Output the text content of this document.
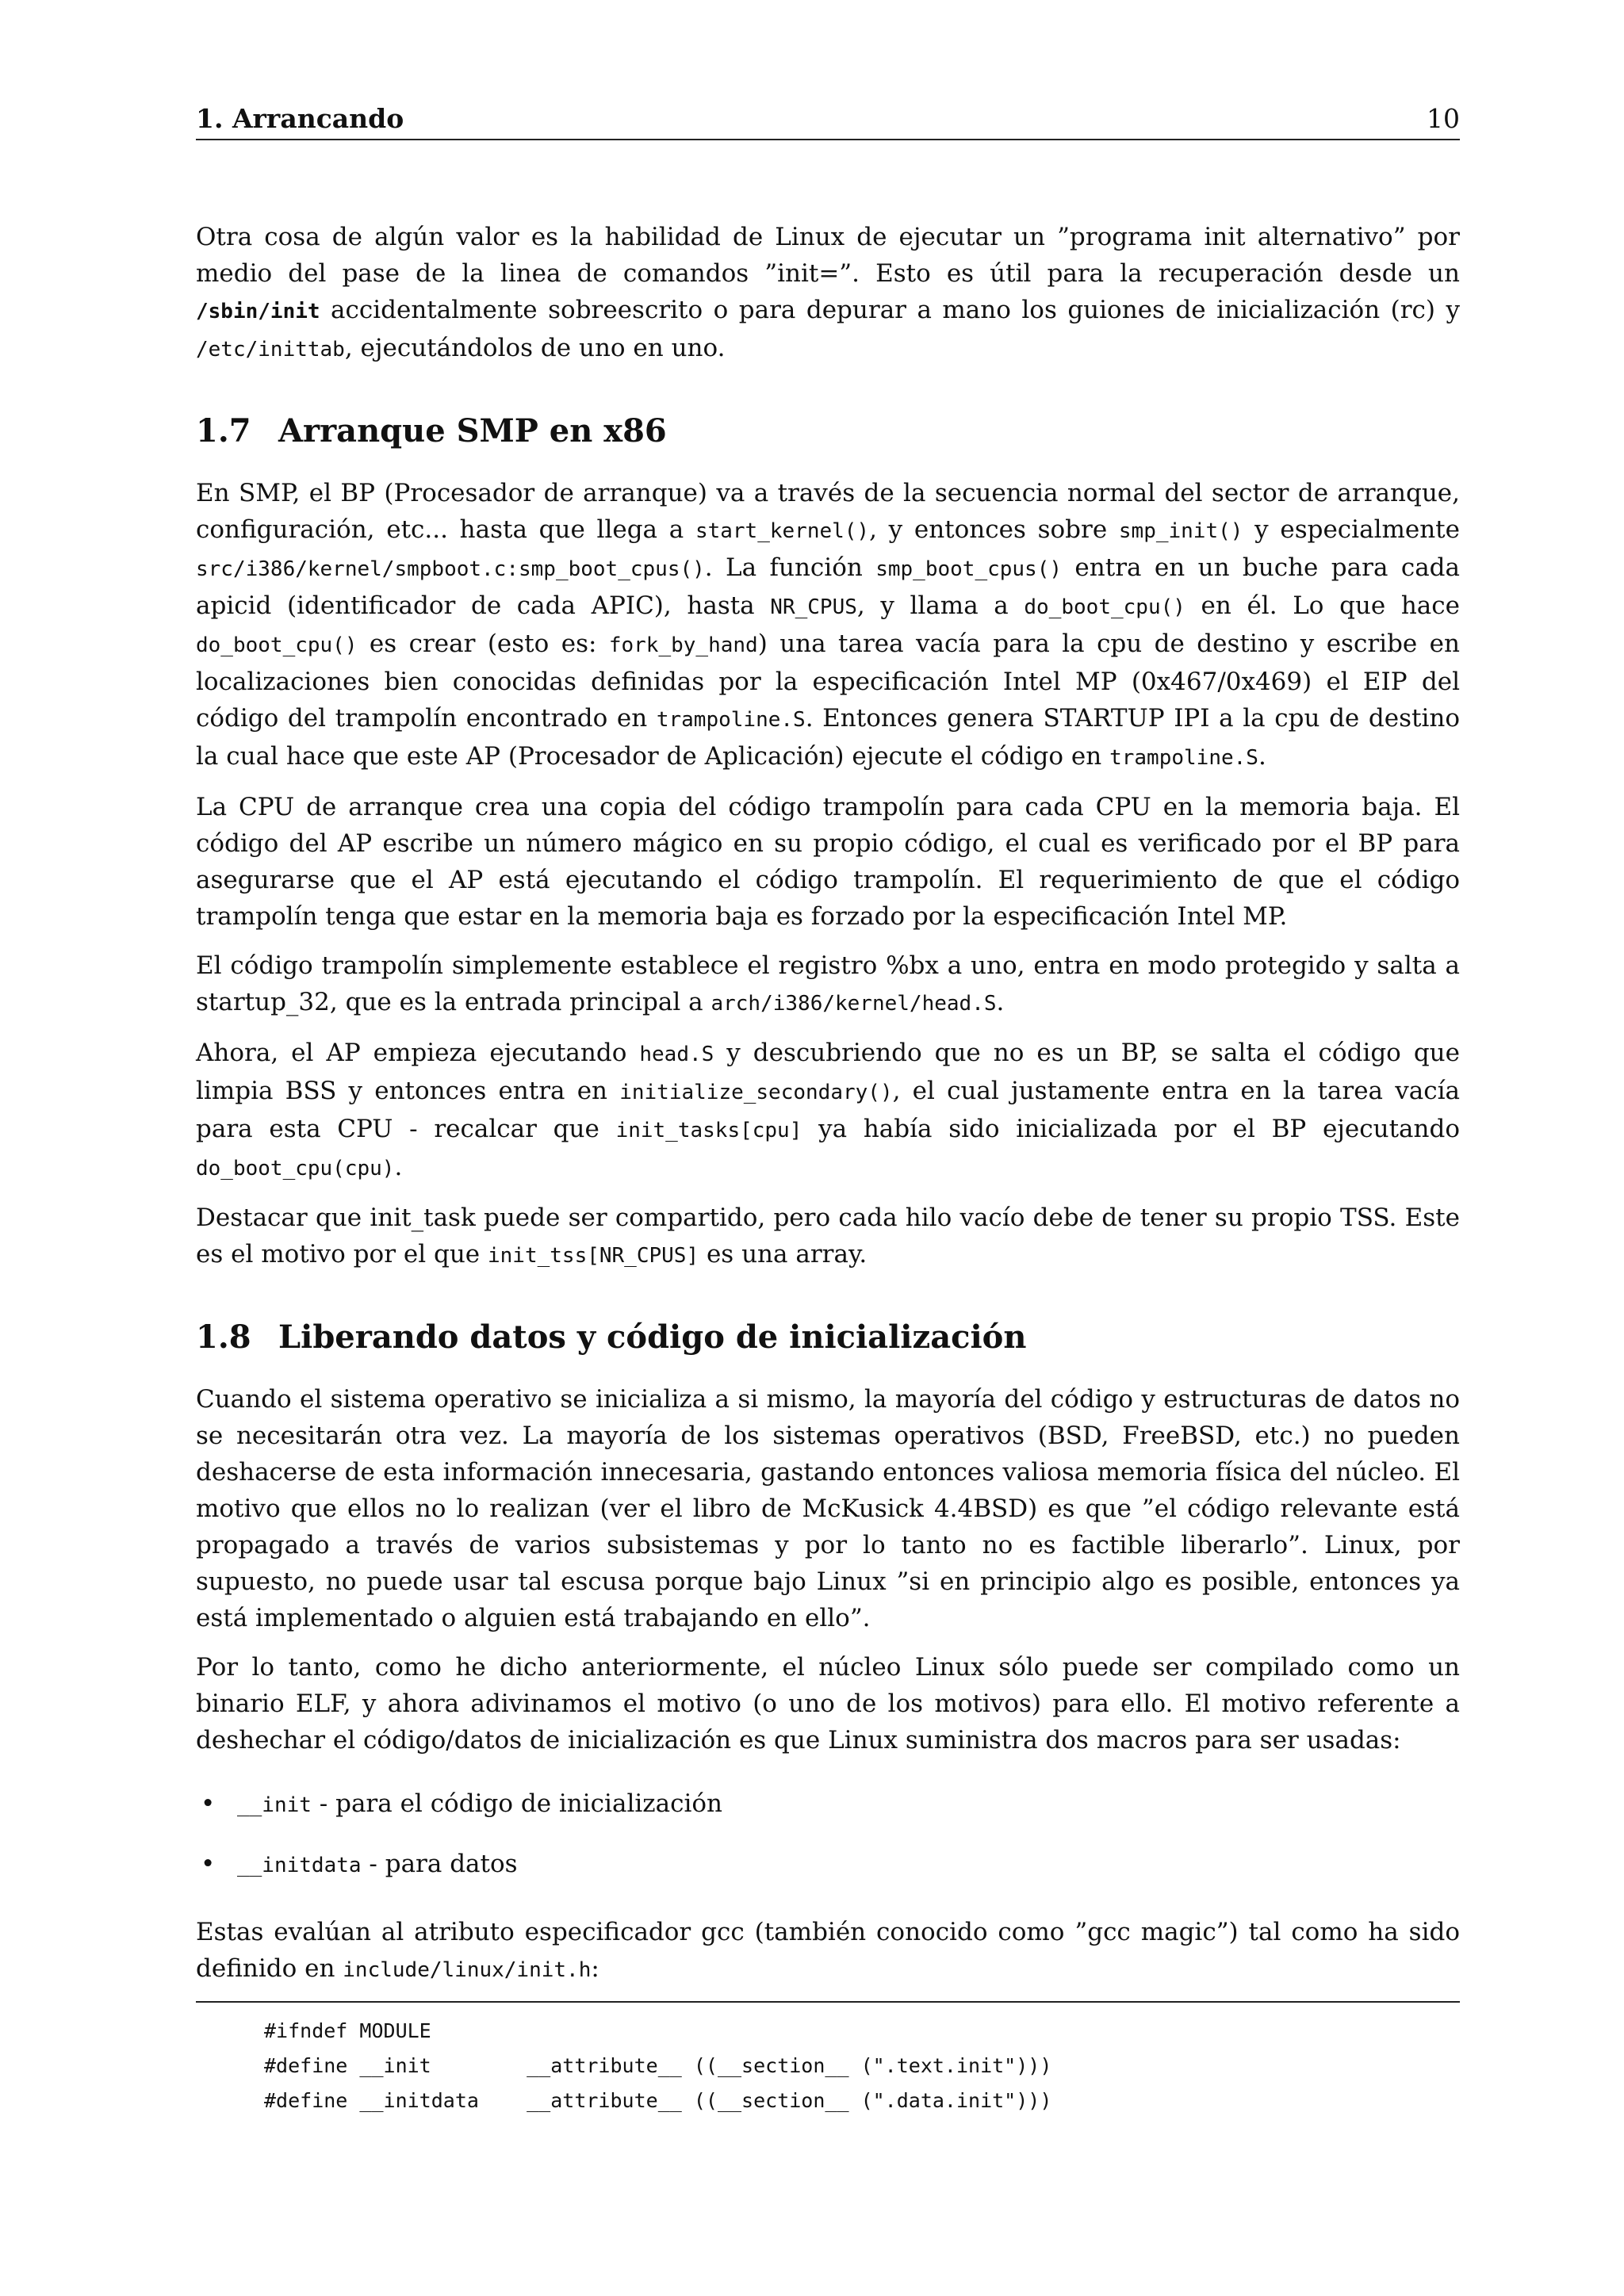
1. Arrancando	10

Otra cosa de algún valor es la habilidad de Linux de ejecutar un ”programa init alternativo” por medio del pase de la linea de comandos ”init=”. Esto es útil para la recuperación desde un /sbin/init accidentalmente sobreescrito o para depurar a mano los guiones de inicialización (rc) y /etc/inittab, ejecutándolos de uno en uno.

1.7 Arranque SMP en x86

En SMP, el BP (Procesador de arranque) va a través de la secuencia normal del sector de arranque, configuración, etc... hasta que llega a start_kernel(), y entonces sobre smp_init() y especialmente src/i386/kernel/smpboot.c:smp_boot_cpus(). La función smp_boot_cpus() entra en un buche para cada apicid (identificador de cada APIC), hasta NR_CPUS, y llama a do_boot_cpu() en él. Lo que hace do_boot_cpu() es crear (esto es: fork_by_hand) una tarea vacía para la cpu de destino y escribe en localizaciones bien conocidas definidas por la especificación Intel MP (0x467/0x469) el EIP del código del trampolín encontrado en trampoline.S. Entonces genera STARTUP IPI a la cpu de destino la cual hace que este AP (Procesador de Aplicación) ejecute el código en trampoline.S.

La CPU de arranque crea una copia del código trampolín para cada CPU en la memoria baja. El código del AP escribe un número mágico en su propio código, el cual es verificado por el BP para asegurarse que el AP está ejecutando el código trampolín. El requerimiento de que el código trampolín tenga que estar en la memoria baja es forzado por la especificación Intel MP.

El código trampolín simplemente establece el registro %bx a uno, entra en modo protegido y salta a startup_32, que es la entrada principal a arch/i386/kernel/head.S.

Ahora, el AP empieza ejecutando head.S y descubriendo que no es un BP, se salta el código que limpia BSS y entonces entra en initialize_secondary(), el cual justamente entra en la tarea vacía para esta CPU - recalcar que init_tasks[cpu] ya había sido inicializada por el BP ejecutando do_boot_cpu(cpu).

Destacar que init_task puede ser compartido, pero cada hilo vacío debe de tener su propio TSS. Este es el motivo por el que init_tss[NR_CPUS] es una array.

1.8 Liberando datos y código de inicialización

Cuando el sistema operativo se inicializa a si mismo, la mayoría del código y estructuras de datos no se necesitarán otra vez. La mayoría de los sistemas operativos (BSD, FreeBSD, etc.) no pueden deshacerse de esta información innecesaria, gastando entonces valiosa memoria física del núcleo. El motivo que ellos no lo realizan (ver el libro de McKusick 4.4BSD) es que ”el código relevante está propagado a través de varios subsistemas y por lo tanto no es factible liberarlo”. Linux, por supuesto, no puede usar tal escusa porque bajo Linux ”si en principio algo es posible, entonces ya está implementado o alguien está trabajando en ello”.

Por lo tanto, como he dicho anteriormente, el núcleo Linux sólo puede ser compilado como un binario ELF, y ahora adivinamos el motivo (o uno de los motivos) para ello. El motivo referente a deshechar el código/datos de inicialización es que Linux suministra dos macros para ser usadas:

• __init - para el código de inicialización
• __initdata - para datos

Estas evalúan al atributo especificador gcc (también conocido como ”gcc magic”) tal como ha sido definido en include/linux/init.h:

#ifndef MODULE
#define __init        __attribute__ ((__section__ (".text.init")))
#define __initdata    __attribute__ ((__section__ (".data.init")))
